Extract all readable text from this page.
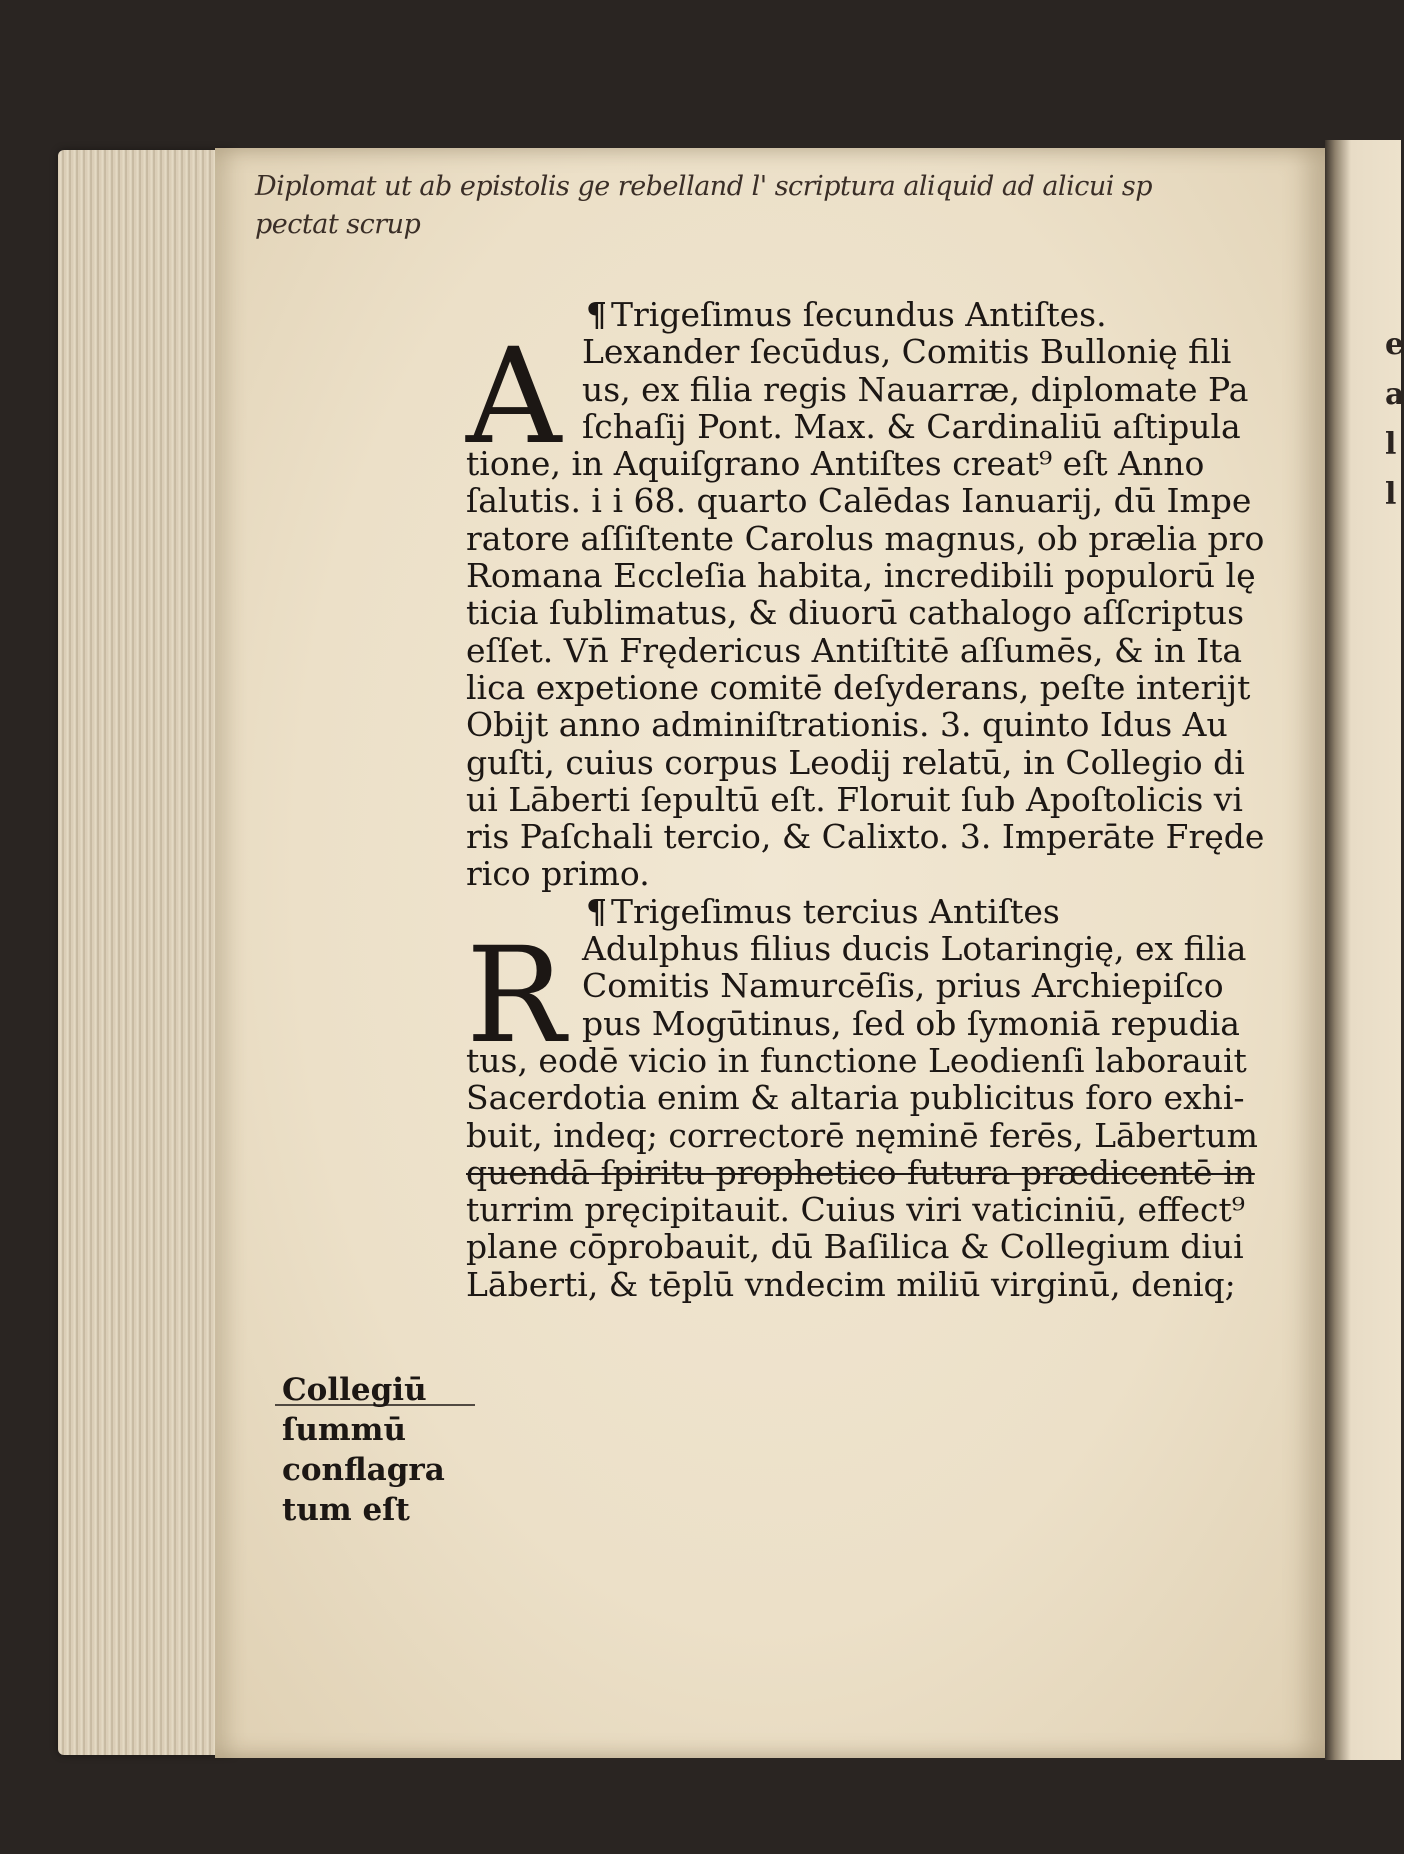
e
a
l
l
Diplomat ut ab epistolis ge rebelland l' scriptura aliquid ad alicui sp
pectat scrup
¶ Trigeſimus ſecundus Antiſtes.
A Lexander ſecūdus, Comitis Bullonię fili
us, ex filia regis Nauarræ, diplomate Pa
ſchaſij Pont. Max. & Cardinaliū aſtipula
tione, in Aquiſgrano Antiſtes creat⁹ eſt Anno
ſalutis. i i 68. quarto Calēdas Ianuarij, dū Impe
ratore aſſiſtente Carolus magnus, ob prælia pro
Romana Eccleſia habita, incredibili populorū lę
ticia ſublimatus, & diuorū cathalogo aſſcriptus
eſſet. Vn̄ Frędericus Antiſtitē aſſumēs, & in Ita
lica expetione comitē deſyderans, peſte interijt
Obijt anno adminiſtrationis. 3. quinto Idus Au
guſti, cuius corpus Leodij relatū, in Collegio di
ui Lāberti ſepultū eſt. Floruit ſub Apoſtolicis vi
ris Paſchali tercio, & Calixto. 3. Imperāte Fręde
rico primo.
¶ Trigeſimus tercius Antiſtes
R Adulphus filius ducis Lotaringię, ex filia
Comitis Namurcēſis, prius Archiepiſco
pus Mogūtinus, ſed ob ſymoniā repudia
tus, eodē vicio in functione Leodienſi laborauit
Sacerdotia enim & altaria publicitus foro exhi-
buit, indeq; correctorē nęminē ferēs, Lābertum
quendā ſpiritu prophetico futura prædicentē in
turrim pręcipitauit. Cuius viri vaticiniū, effect⁹
plane cōprobauit, dū Baſilica & Collegium diui
Lāberti, & tēplū vndecim miliū virginū, deniq;
Collegiū
ſummū
conflagra
tum eſt
